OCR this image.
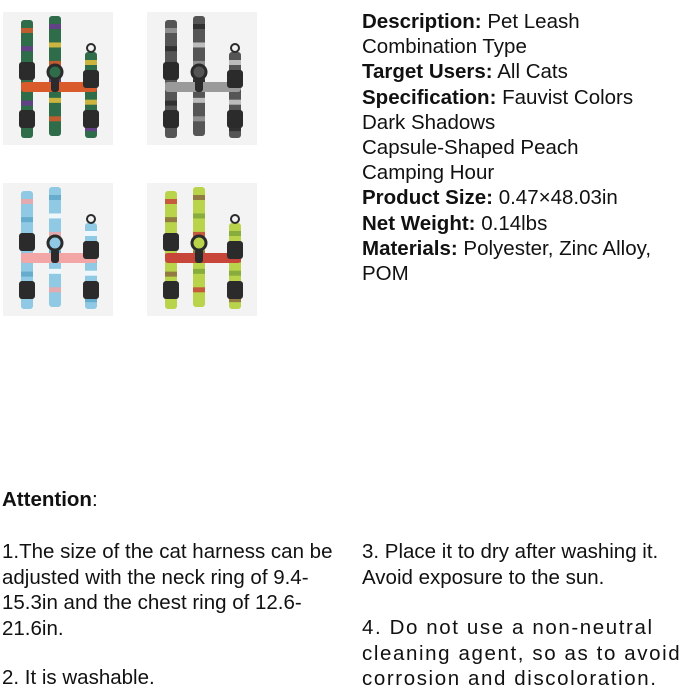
Description: Pet Leash Combination Type
Target Users: All Cats
Specification: Fauvist Colors
Dark Shadows
Capsule-Shaped Peach
Camping Hour
Product Size: 0.47×48.03in
Net Weight: 0.14lbs
Materials: Polyester, Zinc Alloy, POM
Attention:
1.The size of the cat harness can be adjusted with the neck ring of 9.4-15.3in and the chest ring of 12.6-21.6in.
2. It is washable.
3. Place it to dry after washing it. Avoid exposure to the sun.
4. Do not use a non-neutral cleaning agent, so as to avoid corrosion and discoloration.
